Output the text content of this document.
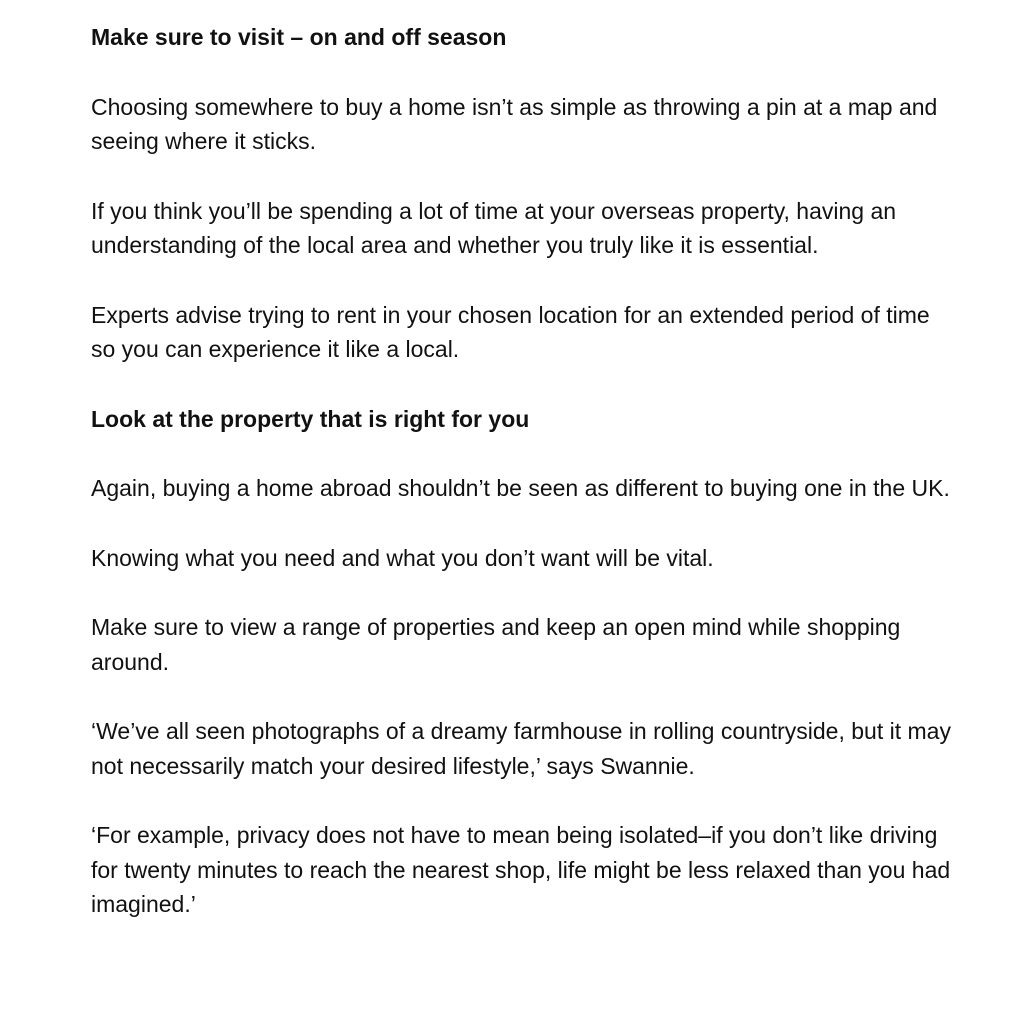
Make sure to visit – on and off season

Choosing somewhere to buy a home isn’t as simple as throwing a pin at a map and seeing where it sticks.

If you think you’ll be spending a lot of time at your overseas property, having an understanding of the local area and whether you truly like it is essential.

Experts advise trying to rent in your chosen location for an extended period of time so you can experience it like a local.

Look at the property that is right for you

Again, buying a home abroad shouldn’t be seen as different to buying one in the UK.

Knowing what you need and what you don’t want will be vital.

Make sure to view a range of properties and keep an open mind while shopping around.

‘We’ve all seen photographs of a dreamy farmhouse in rolling countryside, but it may not necessarily match your desired lifestyle,’ says Swannie.

‘For example, privacy does not have to mean being isolated–if you don’t like driving for twenty minutes to reach the nearest shop, life might be less relaxed than you had imagined.’
